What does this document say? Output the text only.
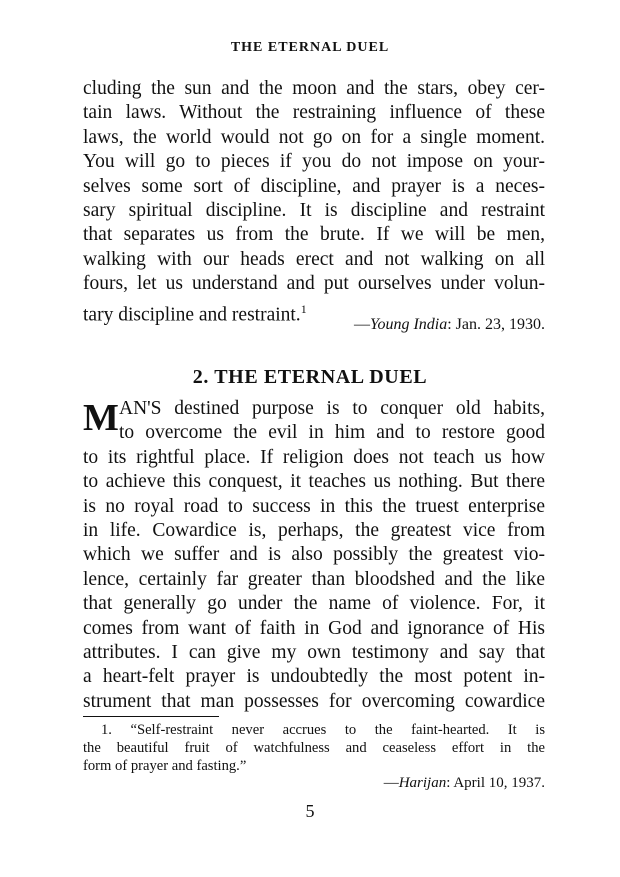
THE ETERNAL DUEL
cluding the sun and the moon and the stars, obey cer-
tain laws. Without the restraining influence of these
laws, the world would not go on for a single moment.
You will go to pieces if you do not impose on your-
selves some sort of discipline, and prayer is a neces-
sary spiritual discipline. It is discipline and restraint
that separates us from the brute. If we will be men,
walking with our heads erect and not walking on all
fours, let us understand and put ourselves under volun-
tary discipline and restraint.$^1$
—Young India: Jan. 23, 1930.
2. THE ETERNAL DUEL
M AN'S destined purpose is to conquer old habits,
to overcome the evil in him and to restore good
to its rightful place. If religion does not teach us how
to achieve this conquest, it teaches us nothing. But there
is no royal road to success in this the truest enterprise
in life. Cowardice is, perhaps, the greatest vice from
which we suffer and is also possibly the greatest vio-
lence, certainly far greater than bloodshed and the like
that generally go under the name of violence. For, it
comes from want of faith in God and ignorance of His
attributes. I can give my own testimony and say that
a heart-felt prayer is undoubtedly the most potent in-
strument that man possesses for overcoming cowardice
1. “Self-restraint never accrues to the faint-hearted. It is
the beautiful fruit of watchfulness and ceaseless effort in the
form of prayer and fasting.”
—Harijan: April 10, 1937.
5
